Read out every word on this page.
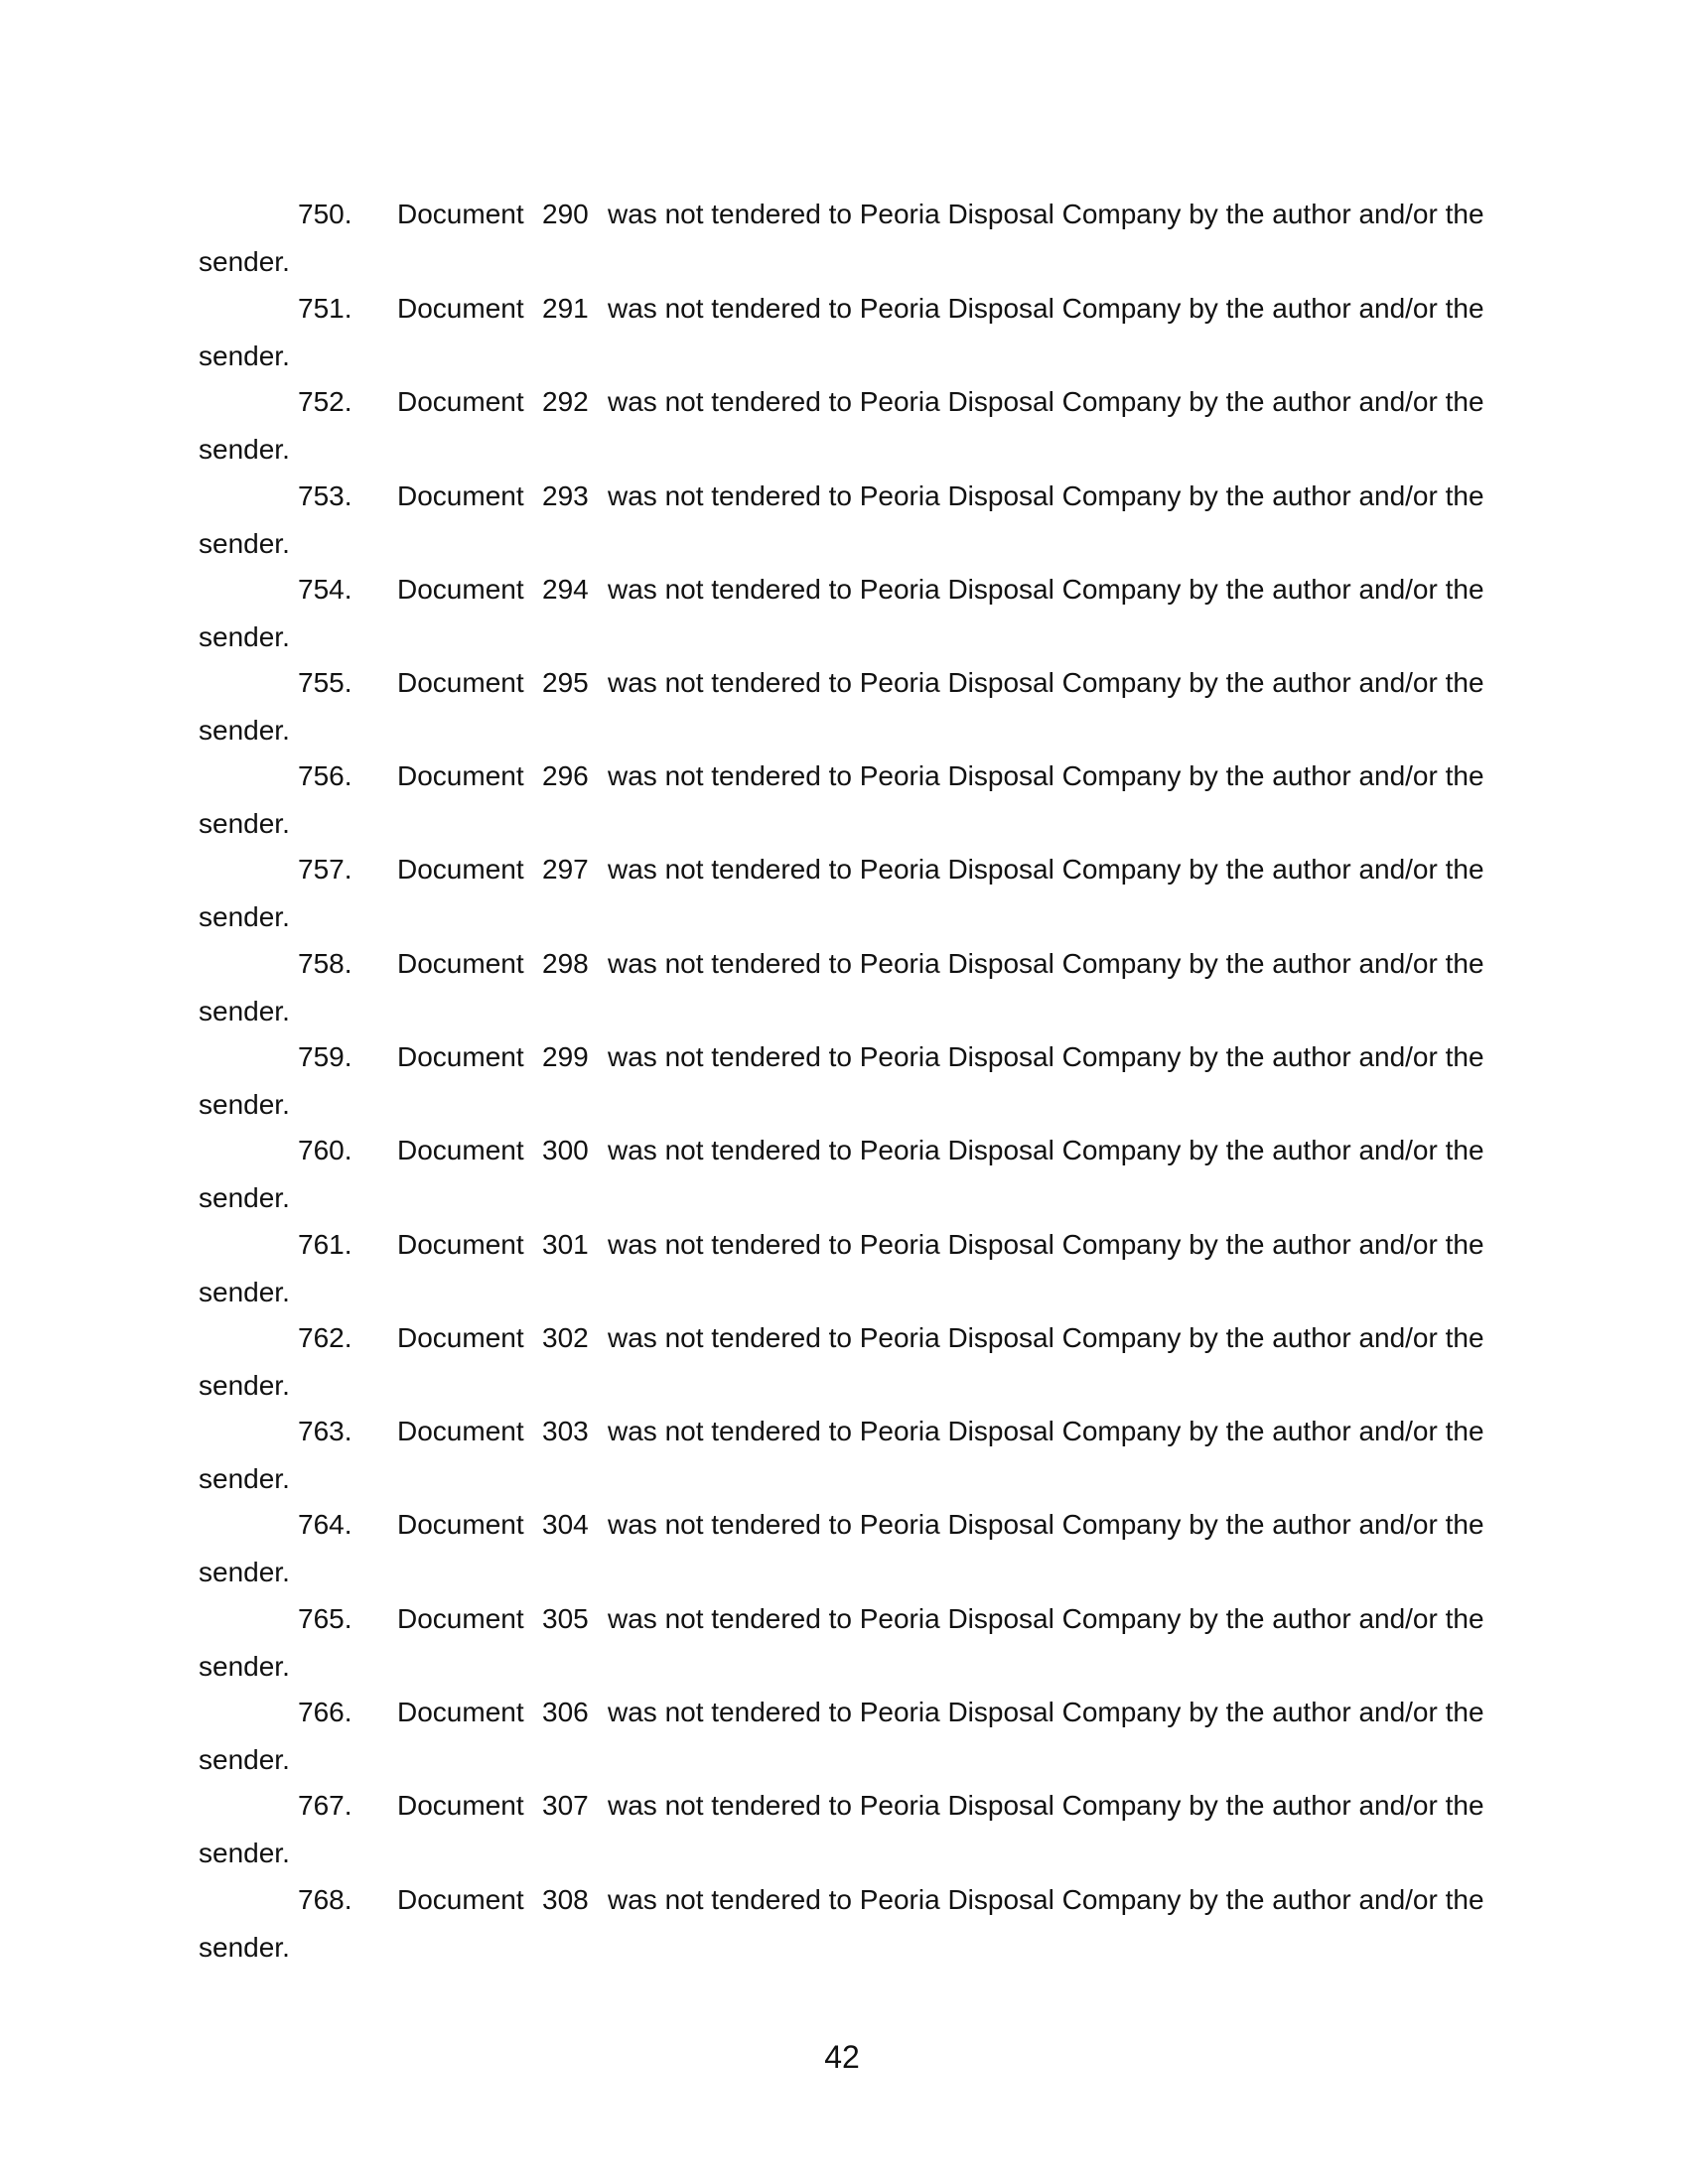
750. Document 290 was not tendered to Peoria Disposal Company by the author and/or the
sender.
751. Document 291 was not tendered to Peoria Disposal Company by the author and/or the
sender.
752. Document 292 was not tendered to Peoria Disposal Company by the author and/or the
sender.
753. Document 293 was not tendered to Peoria Disposal Company by the author and/or the
sender.
754. Document 294 was not tendered to Peoria Disposal Company by the author and/or the
sender.
755. Document 295 was not tendered to Peoria Disposal Company by the author and/or the
sender.
756. Document 296 was not tendered to Peoria Disposal Company by the author and/or the
sender.
757. Document 297 was not tendered to Peoria Disposal Company by the author and/or the
sender.
758. Document 298 was not tendered to Peoria Disposal Company by the author and/or the
sender.
759. Document 299 was not tendered to Peoria Disposal Company by the author and/or the
sender.
760. Document 300 was not tendered to Peoria Disposal Company by the author and/or the
sender.
761. Document 301 was not tendered to Peoria Disposal Company by the author and/or the
sender.
762. Document 302 was not tendered to Peoria Disposal Company by the author and/or the
sender.
763. Document 303 was not tendered to Peoria Disposal Company by the author and/or the
sender.
764. Document 304 was not tendered to Peoria Disposal Company by the author and/or the
sender.
765. Document 305 was not tendered to Peoria Disposal Company by the author and/or the
sender.
766. Document 306 was not tendered to Peoria Disposal Company by the author and/or the
sender.
767. Document 307 was not tendered to Peoria Disposal Company by the author and/or the
sender.
768. Document 308 was not tendered to Peoria Disposal Company by the author and/or the
sender.
42
